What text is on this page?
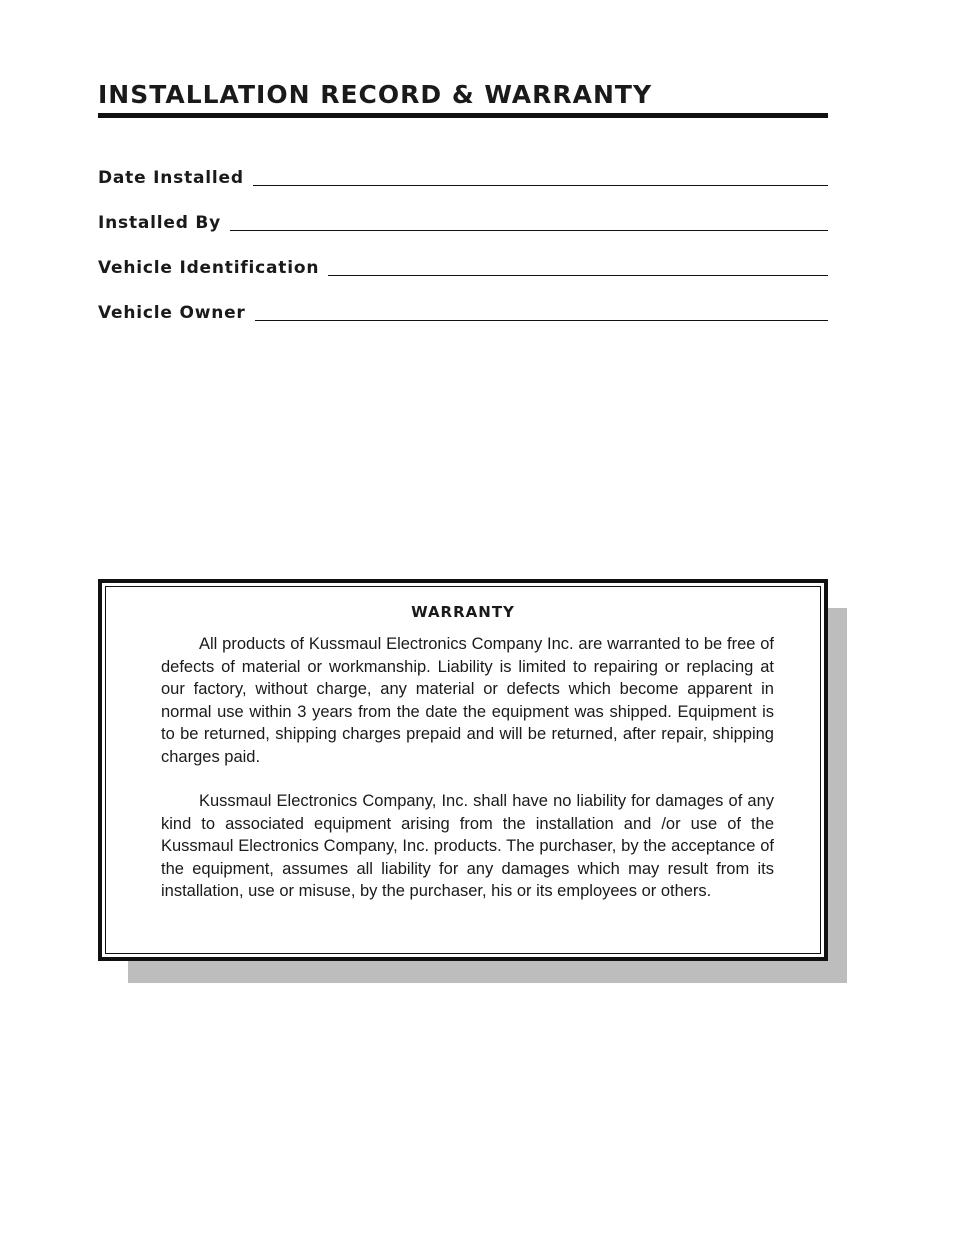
INSTALLATION RECORD & WARRANTY
Date Installed
Installed By
Vehicle Identification
Vehicle Owner
WARRANTY

All products of Kussmaul Electronics Company Inc. are warranted to be free of defects of material or workmanship. Liability is limited to repairing or replacing at our factory, without charge, any material or defects which become apparent in normal use within 3 years from the date the equipment was shipped. Equipment is to be returned, shipping charges prepaid and will be returned, after repair, shipping charges paid.

Kussmaul Electronics Company, Inc. shall have no liability for damages of any kind to associated equipment arising from the installation and /or use of the Kussmaul Electronics Company, Inc. products. The purchaser, by the acceptance of the equipment, assumes all liability for any damages which may result from its installation, use or misuse, by the purchaser, his or its employees or others.
